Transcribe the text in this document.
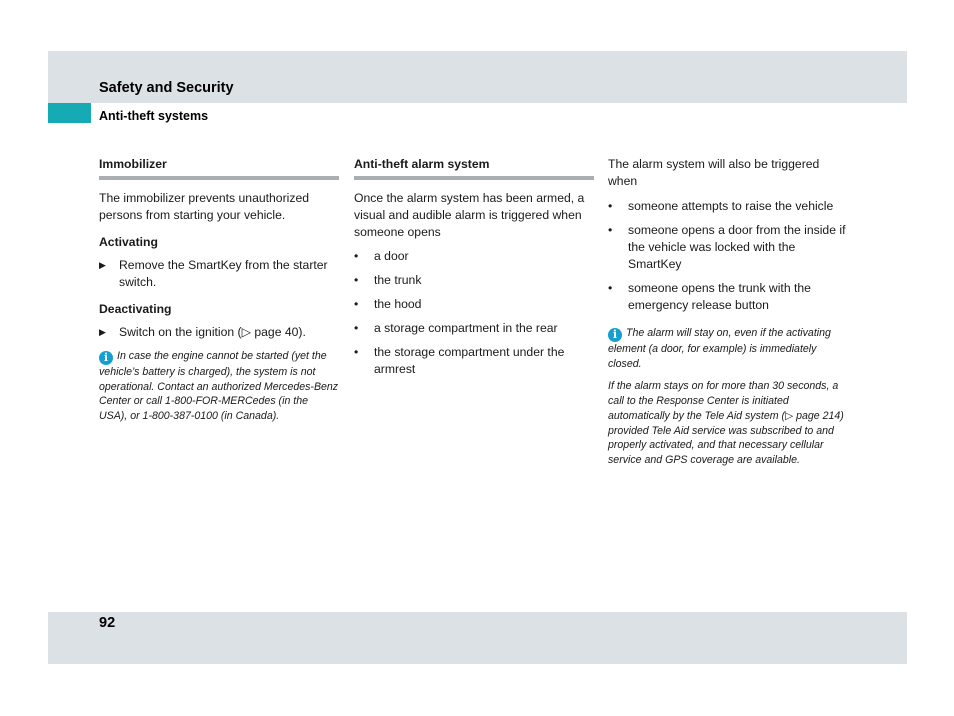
Safety and Security
Anti-theft systems
Immobilizer

The immobilizer prevents unauthorized persons from starting your vehicle.

Activating
▶ Remove the SmartKey from the starter switch.
Deactivating
▶ Switch on the ignition (▷ page 40).
i In case the engine cannot be started (yet the vehicle’s battery is charged), the system is not operational. Contact an authorized Mercedes-Benz Center or call 1-800-FOR-MERCedes (in the USA), or 1-800-387-0100 (in Canada).
Anti-theft alarm system

Once the alarm system has been armed, a visual and audible alarm is triggered when someone opens

• a door
• the trunk
• the hood
• a storage compartment in the rear
• the storage compartment under the armrest

The alarm system will also be triggered when

• someone attempts to raise the vehicle
• someone opens a door from the inside if the vehicle was locked with the SmartKey
• someone opens the trunk with the emergency release button
i The alarm will stay on, even if the activating element (a door, for example) is immediately closed.
If the alarm stays on for more than 30 seconds, a call to the Response Center is initiated automatically by the Tele Aid system (▷ page 214) provided Tele Aid service was subscribed to and properly activated, and that necessary cellular service and GPS coverage are available.
92
